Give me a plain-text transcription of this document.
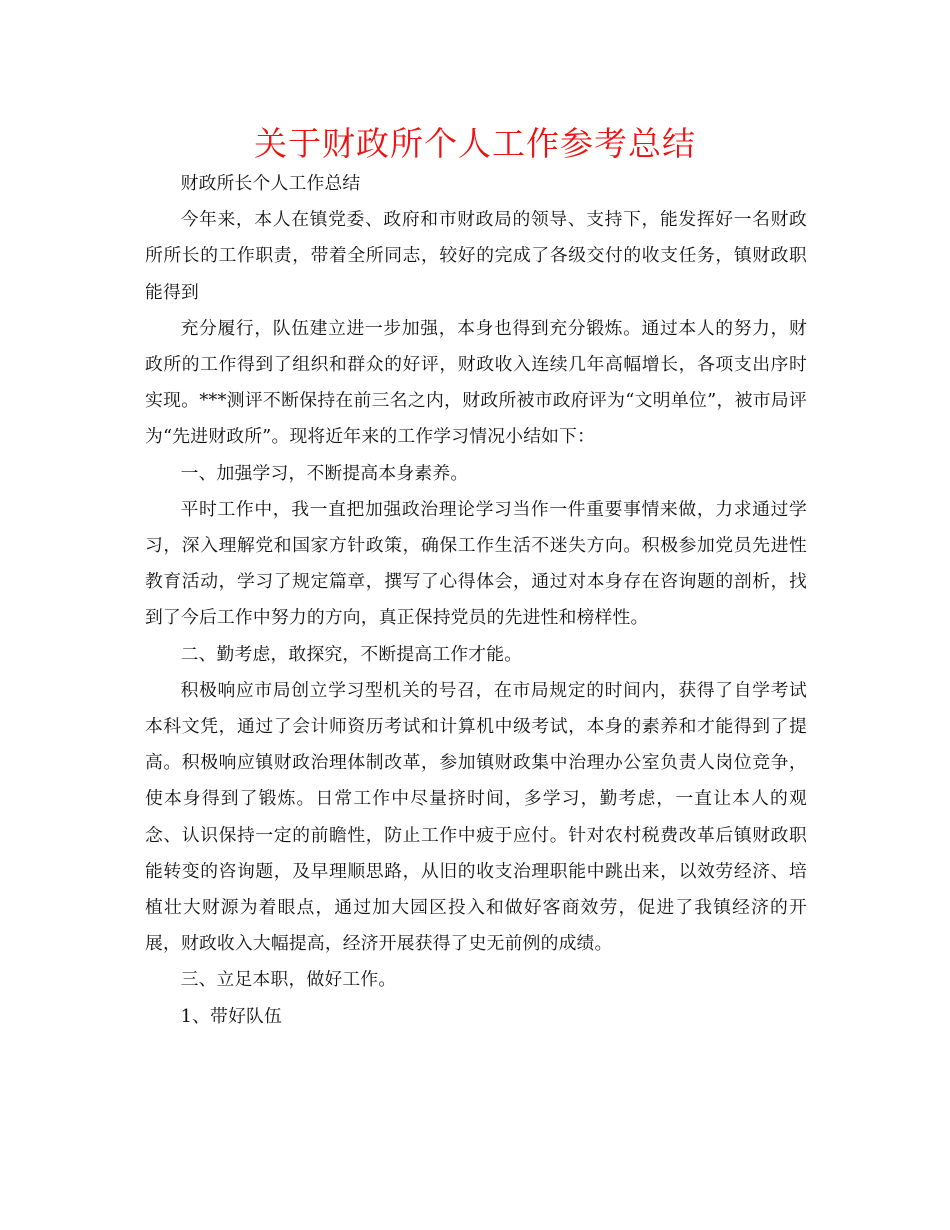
关于财政所个人工作参考总结

财政所长个人工作总结

今年来，本人在镇党委、政府和市财政局的领导、支持下，能发挥好一名财政所所长的工作职责，带着全所同志，较好的完成了各级交付的收支任务，镇财政职能得到

充分履行，队伍建立进一步加强，本身也得到充分锻炼。通过本人的努力，财政所的工作得到了组织和群众的好评，财政收入连续几年高幅增长，各项支出序时实现。***测评不断保持在前三名之内，财政所被市政府评为“文明单位”，被市局评为“先进财政所”。现将近年来的工作学习情况小结如下：

一、加强学习，不断提高本身素养。

平时工作中，我一直把加强政治理论学习当作一件重要事情来做，力求通过学习，深入理解党和国家方针政策，确保工作生活不迷失方向。积极参加党员先进性教育活动，学习了规定篇章，撰写了心得体会，通过对本身存在咨询题的剖析，找到了今后工作中努力的方向，真正保持党员的先进性和榜样性。

二、勤考虑，敢探究，不断提高工作才能。

积极响应市局创立学习型机关的号召，在市局规定的时间内，获得了自学考试本科文凭，通过了会计师资历考试和计算机中级考试，本身的素养和才能得到了提高。积极响应镇财政治理体制改革，参加镇财政集中治理办公室负责人岗位竞争，使本身得到了锻炼。日常工作中尽量挤时间，多学习，勤考虑，一直让本人的观念、认识保持一定的前瞻性，防止工作中疲于应付。针对农村税费改革后镇财政职能转变的咨询题，及早理顺思路，从旧的收支治理职能中跳出来，以效劳经济、培植壮大财源为着眼点，通过加大园区投入和做好客商效劳，促进了我镇经济的开展，财政收入大幅提高，经济开展获得了史无前例的成绩。

三、立足本职，做好工作。

1、带好队伍
